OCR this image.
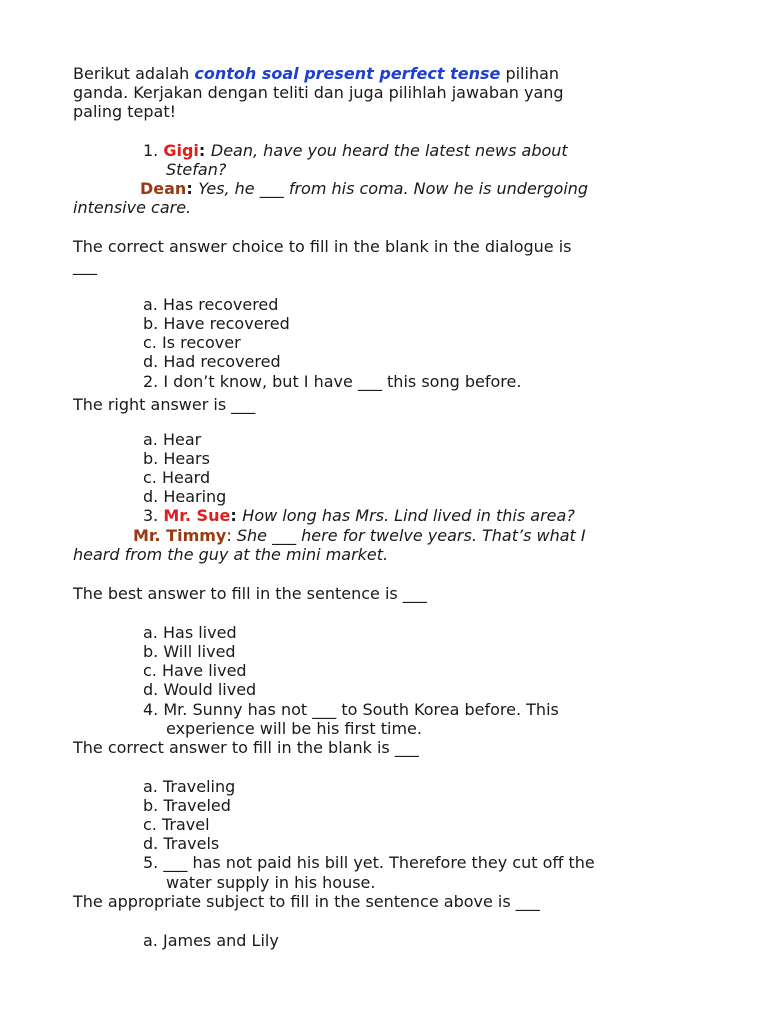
Berikut adalah contoh soal present perfect tense pilihan
ganda. Kerjakan dengan teliti dan juga pilihlah jawaban yang
paling tepat!
1. Gigi: Dean, have you heard the latest news about
Stefan?
Dean: Yes, he ___ from his coma. Now he is undergoing
intensive care.
The correct answer choice to fill in the blank in the dialogue is
___
a. Has recovered
b. Have recovered
c. Is recover
d. Had recovered
2. I don’t know, but I have ___ this song before.
The right answer is ___
a. Hear
b. Hears
c. Heard
d. Hearing
3. Mr. Sue: How long has Mrs. Lind lived in this area?
Mr. Timmy: She ___ here for twelve years. That’s what I
heard from the guy at the mini market.
The best answer to fill in the sentence is ___
a. Has lived
b. Will lived
c. Have lived
d. Would lived
4. Mr. Sunny has not ___ to South Korea before. This
experience will be his first time.
The correct answer to fill in the blank is ___
a. Traveling
b. Traveled
c. Travel
d. Travels
5. ___ has not paid his bill yet. Therefore they cut off the
water supply in his house.
The appropriate subject to fill in the sentence above is ___
a. James and Lily
